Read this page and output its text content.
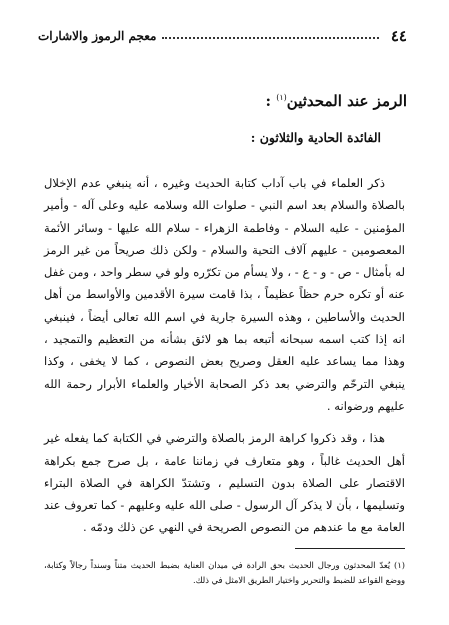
٤٤
معجم الرموز والاشارات
الرمز عند المحدثين$^{(١)}$ :
الفائدة الحادية والثلاثون :

ذكر العلماء في باب آداب كتابة الحديث وغيره ، أنه ينبغي عدم الإخلال بالصلاة والسلام بعد اسم النبي - صلوات الله وسلامه عليه وعلى آله - وأمير المؤمنين - عليه السلام - وفاطمة الزهراء - سلام الله عليها - وسائر الأئمة المعصومين - عليهم آلاف التحية والسلام - ولكن ذلك صريحاً من غير الرمز له بأمثال - ص - و - ع - ، ولا يسأم من تكرّره ولو في سطر واحد ، ومن غفل عنه أو تكره حرم حظاً عظيماً ، بذا قامت سيرة الأقدمين والأواسط من أهل الحديث والأساطين ، وهذه السيرة جارية في اسم الله تعالى أيضاً ، فينبغي انه إذا كتب اسمه سبحانه أتبعه بما هو لائق بشأنه من التعظيم والتمجيد ، وهذا مما يساعد عليه العقل وصريح بعض النصوص ، كما لا يخفى ، وكذا ينبغي الترحّم والترضي بعد ذكر الصحابة الأخيار والعلماء الأبرار رحمة الله عليهم ورضوانه .

هذا ، وقد ذكروا كراهة الرمز بالصلاة والترضي في الكتابة كما يفعله غير أهل الحديث غالباً ، وهو متعارف في زماننا عامة ، بل صرح جمع بكراهة الاقتصار على الصلاة بدون التسليم ، وتشتدّ الكراهة في الصلاة البتراء وتسليمها ، بأن لا يذكر آل الرسول - صلى الله عليه وعليهم - كما تعروف عند العامة مع ما عندهم من النصوص الصريحة في النهي عن ذلك ودمّه .

(١) يُعدّ المحدثون ورجال الحديث بحق الرادة في ميدان العناية بضبط الحديث متناً وسنداً رجالاً وكتابة، ووضع القواعد للضبط والتحرير واختيار الطريق الامثل في ذلك.
